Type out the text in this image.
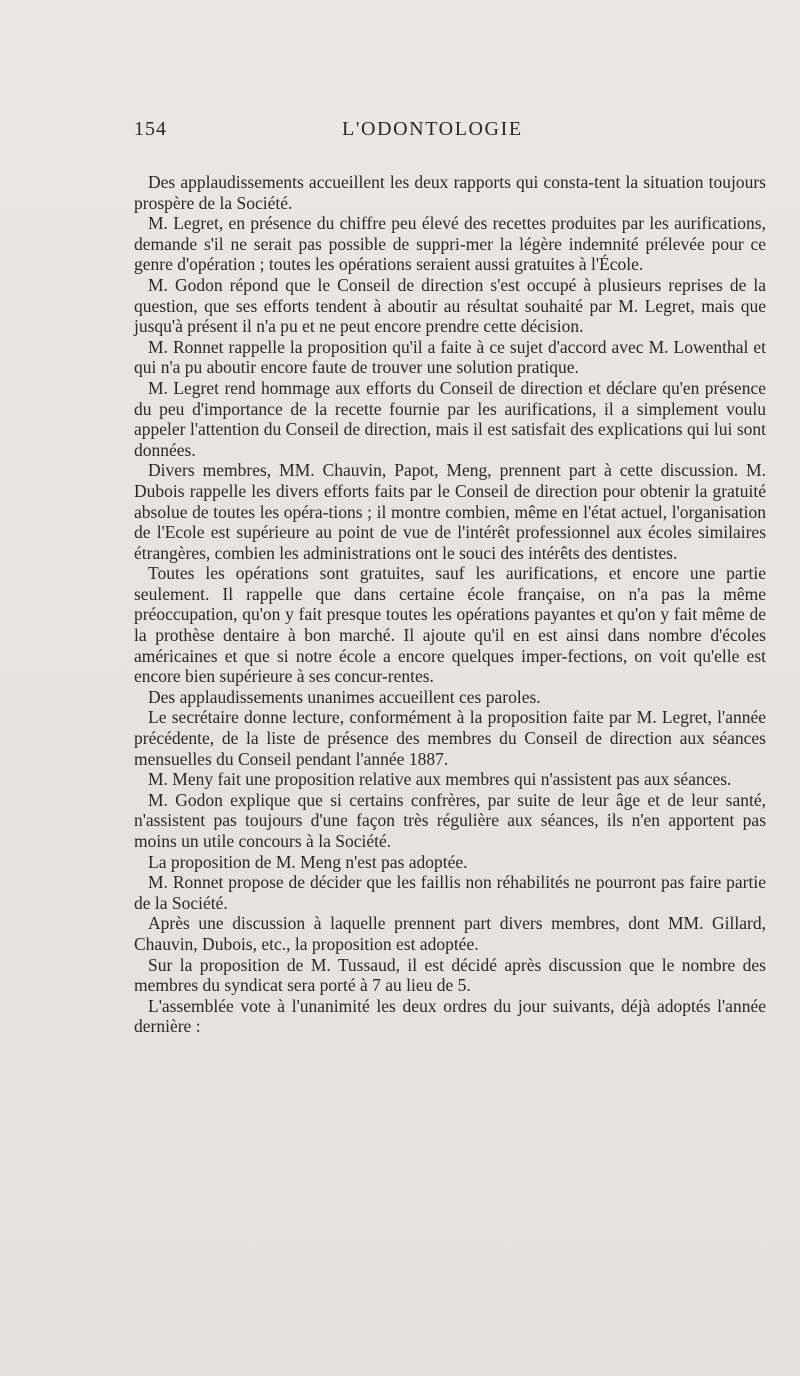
154	L'ODONTOLOGIE

Des applaudissements accueillent les deux rapports qui consta-tent la situation toujours prospère de la Société.

M. Legret, en présence du chiffre peu élevé des recettes produites par les aurifications, demande s'il ne serait pas possible de suppri-mer la légère indemnité prélevée pour ce genre d'opération ; toutes les opérations seraient aussi gratuites à l'École.

M. Godon répond que le Conseil de direction s'est occupé à plusieurs reprises de la question, que ses efforts tendent à aboutir au résultat souhaité par M. Legret, mais que jusqu'à présent il n'a pu et ne peut encore prendre cette décision.

M. Ronnet rappelle la proposition qu'il a faite à ce sujet d'accord avec M. Lowenthal et qui n'a pu aboutir encore faute de trouver une solution pratique.

M. Legret rend hommage aux efforts du Conseil de direction et déclare qu'en présence du peu d'importance de la recette fournie par les aurifications, il a simplement voulu appeler l'attention du Conseil de direction, mais il est satisfait des explications qui lui sont données.

Divers membres, MM. Chauvin, Papot, Meng, prennent part à cette discussion. M. Dubois rappelle les divers efforts faits par le Conseil de direction pour obtenir la gratuité absolue de toutes les opéra-tions ; il montre combien, même en l'état actuel, l'organisation de l'Ecole est supérieure au point de vue de l'intérêt professionnel aux écoles similaires étrangères, combien les administrations ont le souci des intérêts des dentistes.

Toutes les opérations sont gratuites, sauf les aurifications, et encore une partie seulement. Il rappelle que dans certaine école française, on n'a pas la même préoccupation, qu'on y fait presque toutes les opérations payantes et qu'on y fait même de la prothèse dentaire à bon marché. Il ajoute qu'il en est ainsi dans nombre d'écoles américaines et que si notre école a encore quelques imper-fections, on voit qu'elle est encore bien supérieure à ses concur-rentes.

Des applaudissements unanimes accueillent ces paroles.

Le secrétaire donne lecture, conformément à la proposition faite par M. Legret, l'année précédente, de la liste de présence des membres du Conseil de direction aux séances mensuelles du Conseil pendant l'année 1887.

M. Meny fait une proposition relative aux membres qui n'assistent pas aux séances.

M. Godon explique que si certains confrères, par suite de leur âge et de leur santé, n'assistent pas toujours d'une façon très régulière aux séances, ils n'en apportent pas moins un utile concours à la Société.

La proposition de M. Meng n'est pas adoptée.

M. Ronnet propose de décider que les faillis non réhabilités ne pourront pas faire partie de la Société.

Après une discussion à laquelle prennent part divers membres, dont MM. Gillard, Chauvin, Dubois, etc., la proposition est adoptée.

Sur la proposition de M. Tussaud, il est décidé après discussion que le nombre des membres du syndicat sera porté à 7 au lieu de 5.

L'assemblée vote à l'unanimité les deux ordres du jour suivants, déjà adoptés l'année dernière :
